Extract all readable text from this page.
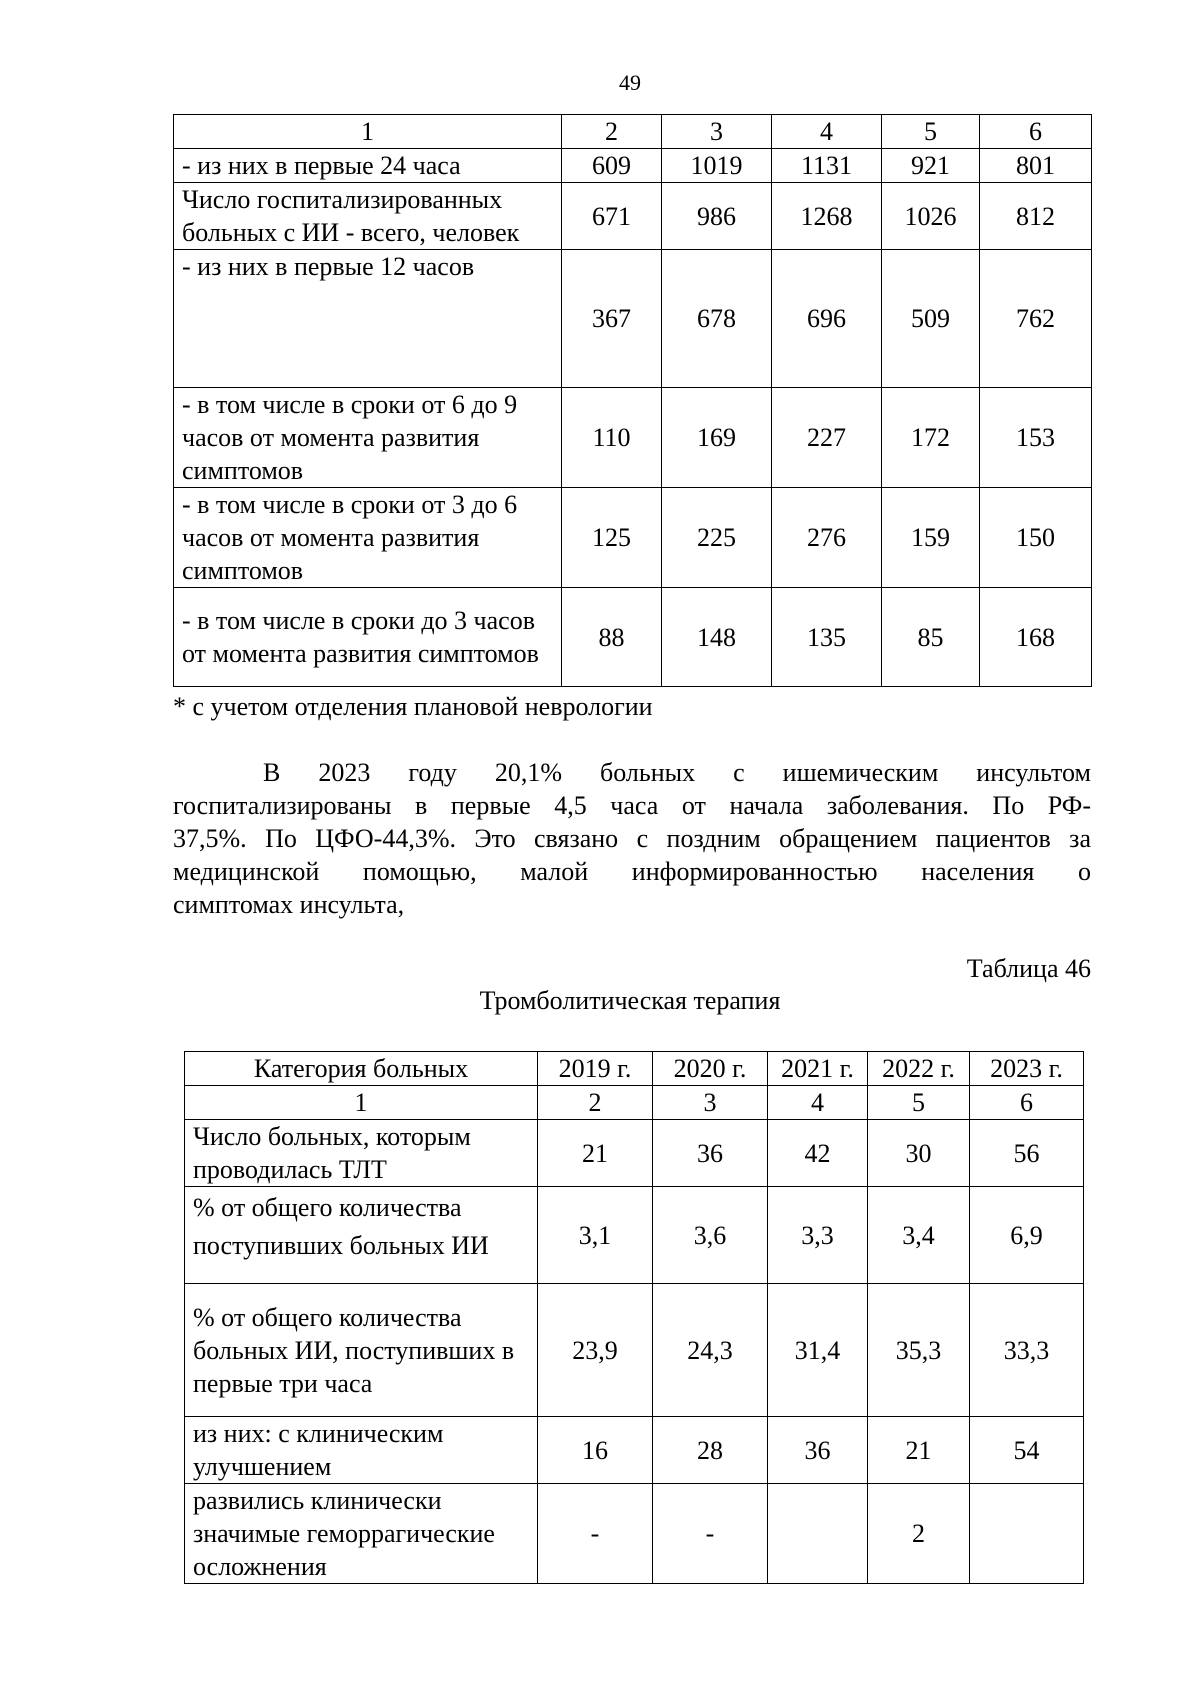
49
1	2	3	4	5	6
- из них в первые 24 часа	609	1019	1131	921	801
Число госпитализированных больных с ИИ - всего, человек	671	986	1268	1026	812
- из них в первые 12 часов	367	678	696	509	762
- в том числе в сроки от 6 до 9 часов от момента развития симптомов	110	169	227	172	153
- в том числе в сроки от 3 до 6 часов от момента развития симптомов	125	225	276	159	150
- в том числе в сроки до 3 часов от момента развития симптомов	88	148	135	85	168
* с учетом отделения плановой неврологии
В 2023 году 20,1% больных с ишемическим инсультом
госпитализированы в первые 4,5 часа от начала заболевания. По РФ-
37,5%. По ЦФО-44,3%. Это связано с поздним обращением пациентов за
медицинской помощью, малой информированностью населения о
симптомах инсульта,
Таблица 46
Тромболитическая терапия
Категория больных	2019 г.	2020 г.	2021 г.	2022 г.	2023 г.
1	2	3	4	5	6
Число больных, которым проводилась ТЛТ	21	36	42	30	56
% от общего количества поступивших больных ИИ	3,1	3,6	3,3	3,4	6,9
% от общего количества больных ИИ, поступивших в первые три часа	23,9	24,3	31,4	35,3	33,3
из них: с клиническим улучшением	16	28	36	21	54
развились клинически значимые геморрагические осложнения	-	-		2	
